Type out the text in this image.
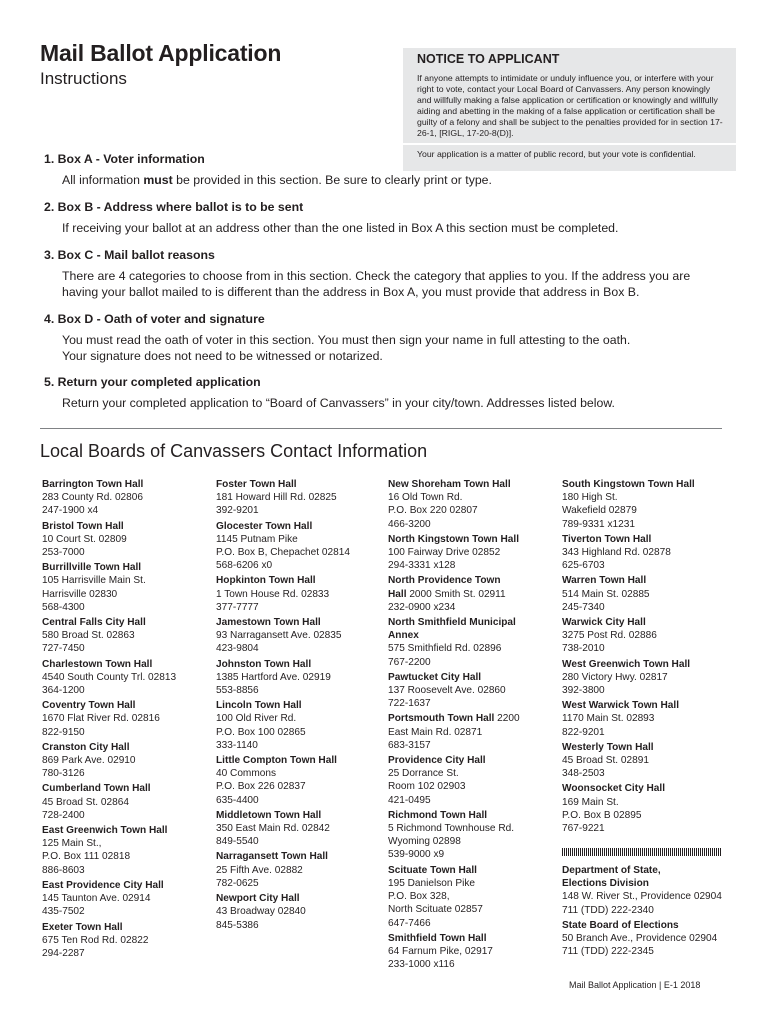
Mail Ballot Application
Instructions
NOTICE TO APPLICANT
If anyone attempts to intimidate or unduly influence you, or interfere with your right to vote, contact your Local Board of Canvassers. Any person knowingly and willfully making a false application or certification or knowingly and willfully aiding and abetting in the making of a false application or certification shall be guilty of a felony and shall be subject to the penalties provided for in section 17-26-1, [RIGL, 17-20-8(D)].
Your application is a matter of public record, but your vote is confidential.
1. Box A - Voter information
All information must be provided in this section. Be sure to clearly print or type.
2. Box B - Address where ballot is to be sent
If receiving your ballot at an address other than the one listed in Box A this section must be completed.
3. Box C - Mail ballot reasons
There are 4 categories to choose from in this section. Check the category that applies to you. If the address you are
having your ballot mailed to is different than the address in Box A, you must provide that address in Box B.
4. Box D - Oath of voter and signature
You must read the oath of voter in this section. You must then sign your name in full attesting to the oath.
Your signature does not need to be witnessed or notarized.
5. Return your completed application
Return your completed application to “Board of Canvassers” in your city/town. Addresses listed below.
Local Boards of Canvassers Contact Information
Barrington Town Hall
283 County Rd. 02806
247-1900 x4
Bristol Town Hall
10 Court St. 02809
253-7000
Burrillville Town Hall
105 Harrisville Main St.
Harrisville 02830
568-4300
Central Falls City Hall
580 Broad St. 02863
727-7450
Charlestown Town Hall
4540 South County Trl. 02813
364-1200
Coventry Town Hall
1670 Flat River Rd. 02816
822-9150
Cranston City Hall
869 Park Ave. 02910
780-3126
Cumberland Town Hall
45 Broad St. 02864
728-2400
East Greenwich Town Hall
125 Main St.,
P.O. Box 111 02818
886-8603
East Providence City Hall
145 Taunton Ave. 02914
435-7502
Exeter Town Hall
675 Ten Rod Rd. 02822
294-2287
Foster Town Hall
181 Howard Hill Rd. 02825
392-9201
Glocester Town Hall
1145 Putnam Pike
P.O. Box B, Chepachet 02814
568-6206 x0
Hopkinton Town Hall
1 Town House Rd. 02833
377-7777
Jamestown Town Hall
93 Narragansett Ave. 02835
423-9804
Johnston Town Hall
1385 Hartford Ave. 02919
553-8856
Lincoln Town Hall
100 Old River Rd.
P.O. Box 100 02865
333-1140
Little Compton Town Hall
40 Commons
P.O. Box 226 02837
635-4400
Middletown Town Hall
350 East Main Rd. 02842
849-5540
Narragansett Town Hall
25 Fifth Ave. 02882
782-0625
Newport City Hall
43 Broadway 02840
845-5386
New Shoreham Town Hall
16 Old Town Rd.
P.O. Box 220 02807
466-3200
North Kingstown Town Hall
100 Fairway Drive 02852
294-3331 x128
North Providence Town
Hall 2000 Smith St. 02911
232-0900 x234
North Smithfield Municipal
Annex
575 Smithfield Rd. 02896
767-2200
Pawtucket City Hall
137 Roosevelt Ave. 02860
722-1637
Portsmouth Town Hall 2200
East Main Rd. 02871
683-3157
Providence City Hall
25 Dorrance St.
Room 102 02903
421-0495
Richmond Town Hall
5 Richmond Townhouse Rd.
Wyoming 02898
539-9000 x9
Scituate Town Hall
195 Danielson Pike
P.O. Box 328,
North Scituate 02857
647-7466
Smithfield Town Hall
64 Farnum Pike, 02917
233-1000 x116
South Kingstown Town Hall
180 High St.
Wakefield 02879
789-9331 x1231
Tiverton Town Hall
343 Highland Rd. 02878
625-6703
Warren Town Hall
514 Main St. 02885
245-7340
Warwick City Hall
3275 Post Rd. 02886
738-2010
West Greenwich Town Hall
280 Victory Hwy. 02817
392-3800
West Warwick Town Hall
1170 Main St. 02893
822-9201
Westerly Town Hall
45 Broad St. 02891
348-2503
Woonsocket City Hall
169 Main St.
P.O. Box B 02895
767-9221
Department of State,
Elections Division
148 W. River St., Providence 02904
711 (TDD) 222-2340
State Board of Elections
50 Branch Ave., Providence 02904
711 (TDD) 222-2345
Mail Ballot Application | E-1 2018
